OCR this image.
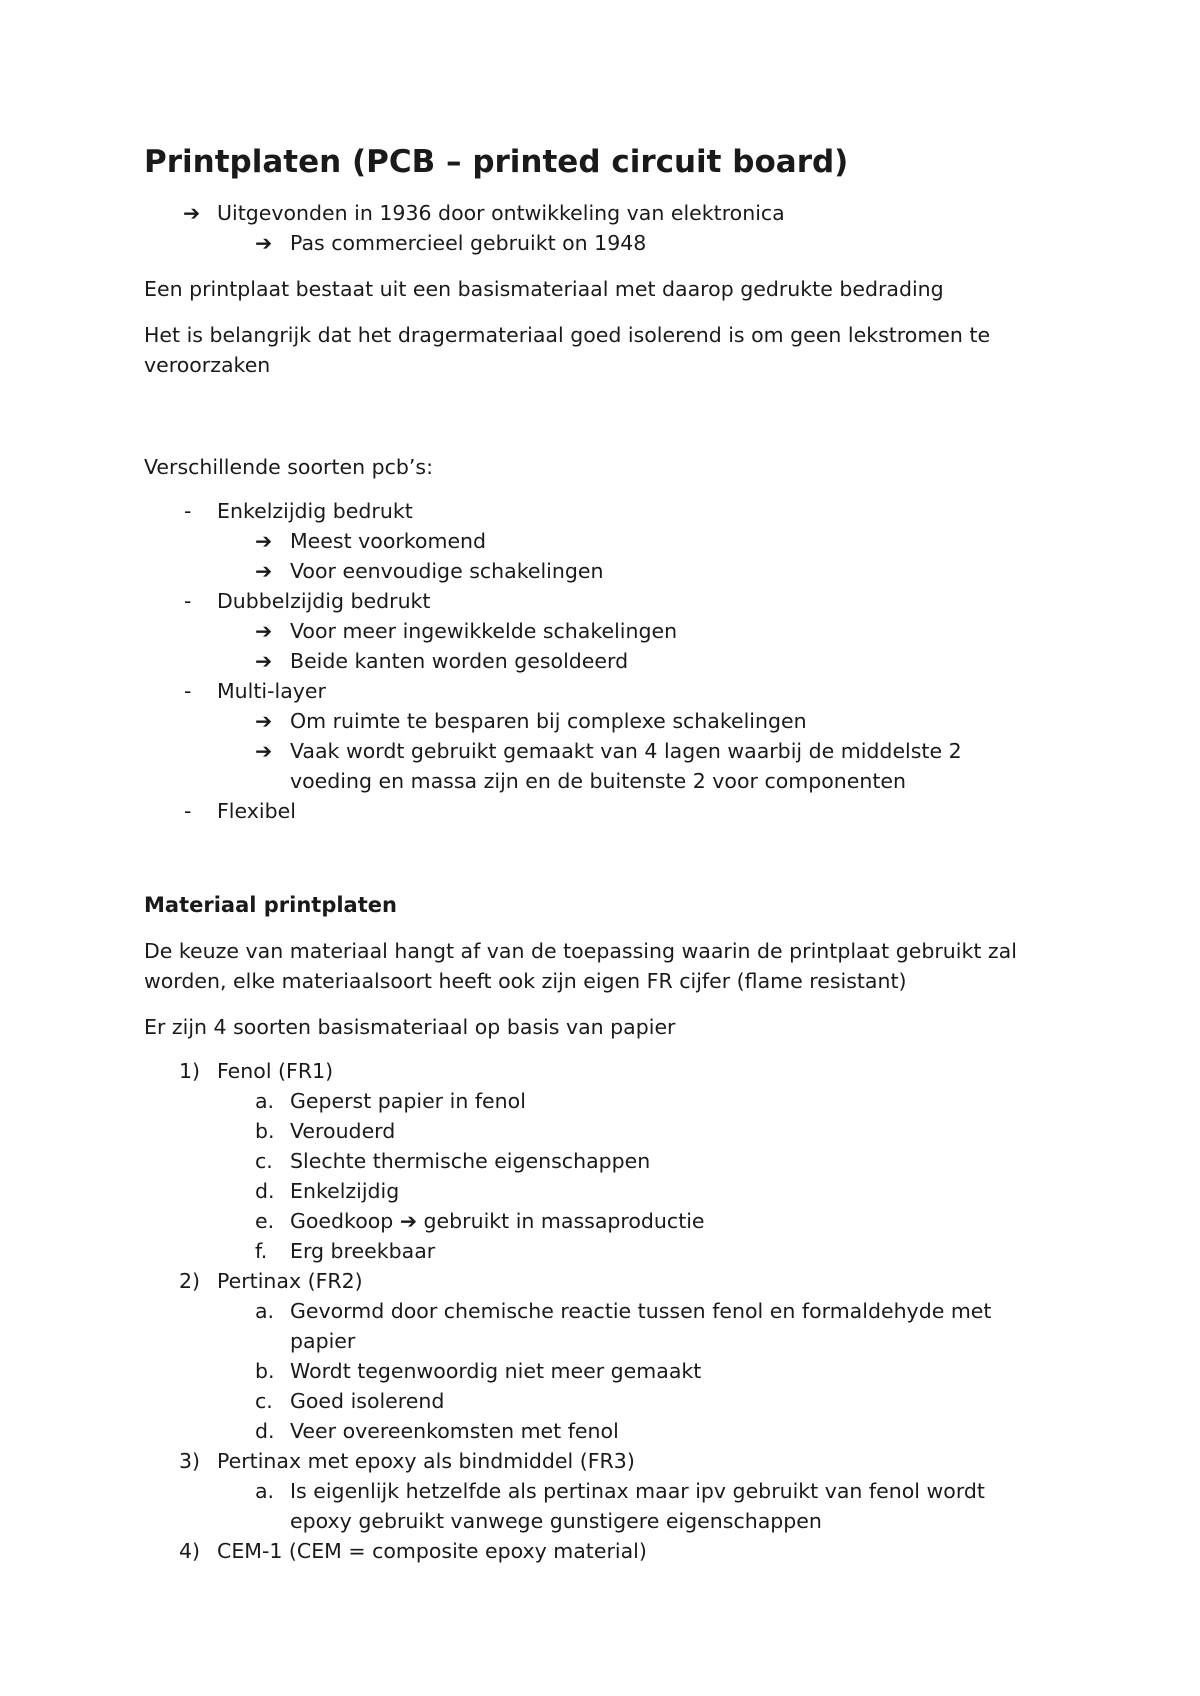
Printplaten (PCB – printed circuit board)
➔ Uitgevonden in 1936 door ontwikkeling van elektronica
➔ Pas commercieel gebruikt on 1948

Een printplaat bestaat uit een basismateriaal met daarop gedrukte bedrading

Het is belangrijk dat het dragermateriaal goed isolerend is om geen lekstromen te veroorzaken

Verschillende soorten pcb’s:

- Enkelzijdig bedrukt
➔ Meest voorkomend
➔ Voor eenvoudige schakelingen
- Dubbelzijdig bedrukt
➔ Voor meer ingewikkelde schakelingen
➔ Beide kanten worden gesoldeerd
- Multi-layer
➔ Om ruimte te besparen bij complexe schakelingen
➔ Vaak wordt gebruikt gemaakt van 4 lagen waarbij de middelste 2
voeding en massa zijn en de buitenste 2 voor componenten
- Flexibel
Materiaal printplaten

De keuze van materiaal hangt af van de toepassing waarin de printplaat gebruikt zal worden, elke materiaalsoort heeft ook zijn eigen FR cijfer (flame resistant)

Er zijn 4 soorten basismateriaal op basis van papier

1) Fenol (FR1)
a. Geperst papier in fenol
b. Verouderd
c. Slechte thermische eigenschappen
d. Enkelzijdig
e. Goedkoop ➔ gebruikt in massaproductie
f. Erg breekbaar
2) Pertinax (FR2)
a. Gevormd door chemische reactie tussen fenol en formaldehyde met
papier
b. Wordt tegenwoordig niet meer gemaakt
c. Goed isolerend
d. Veer overeenkomsten met fenol
3) Pertinax met epoxy als bindmiddel (FR3)
a. Is eigenlijk hetzelfde als pertinax maar ipv gebruikt van fenol wordt
epoxy gebruikt vanwege gunstigere eigenschappen
4) CEM-1 (CEM = composite epoxy material)
